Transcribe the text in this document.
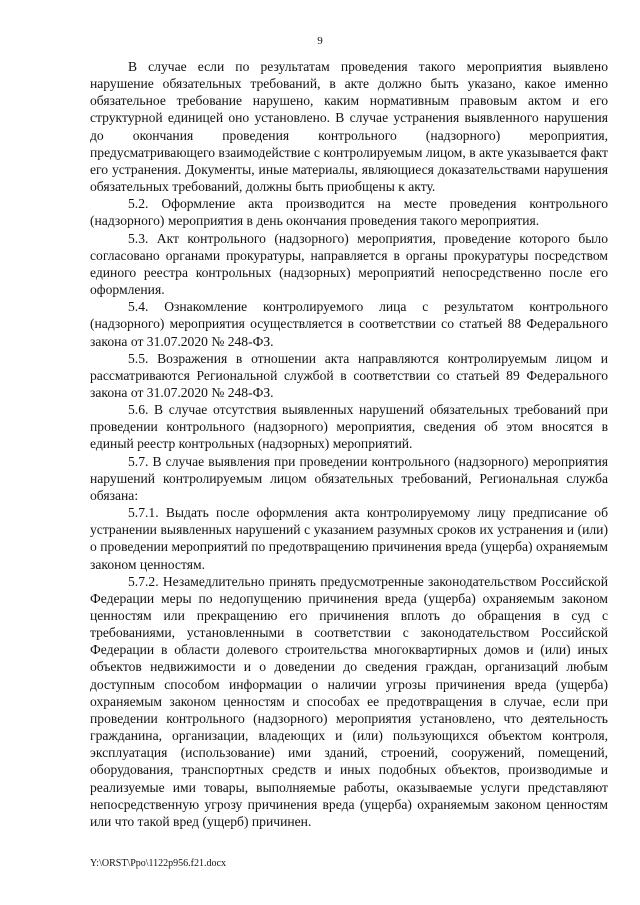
9

В случае если по результатам проведения такого мероприятия выявлено нарушение обязательных требований, в акте должно быть указано, какое именно обязательное требование нарушено, каким нормативным правовым актом и его структурной единицей оно установлено. В случае устранения выявленного нарушения до окончания проведения контрольного (надзорного) мероприятия, предусматривающего взаимодействие с контролируемым лицом, в акте указывается факт его устранения. Документы, иные материалы, являющиеся доказательствами нарушения обязательных требований, должны быть приобщены к акту.

5.2. Оформление акта производится на месте проведения контрольного (надзорного) мероприятия в день окончания проведения такого мероприятия.

5.3. Акт контрольного (надзорного) мероприятия, проведение которого было согласовано органами прокуратуры, направляется в органы прокуратуры посредством единого реестра контрольных (надзорных) мероприятий непосредственно после его оформления.

5.4. Ознакомление контролируемого лица с результатом контрольного (надзорного) мероприятия осуществляется в соответствии со статьей 88 Федерального закона от 31.07.2020 № 248-ФЗ.

5.5. Возражения в отношении акта направляются контролируемым лицом и рассматриваются Региональной службой в соответствии со статьей 89 Федерального закона от 31.07.2020 № 248-ФЗ.

5.6. В случае отсутствия выявленных нарушений обязательных требований при проведении контрольного (надзорного) мероприятия, сведения об этом вносятся в единый реестр контрольных (надзорных) мероприятий.

5.7. В случае выявления при проведении контрольного (надзорного) мероприятия нарушений контролируемым лицом обязательных требований, Региональная служба обязана:

5.7.1. Выдать после оформления акта контролируемому лицу предписание об устранении выявленных нарушений с указанием разумных сроков их устранения и (или) о проведении мероприятий по предотвращению причинения вреда (ущерба) охраняемым законом ценностям.

5.7.2. Незамедлительно принять предусмотренные законодательством Российской Федерации меры по недопущению причинения вреда (ущерба) охраняемым законом ценностям или прекращению его причинения вплоть до обращения в суд с требованиями, установленными в соответствии с законодательством Российской Федерации в области долевого строительства многоквартирных домов и (или) иных объектов недвижимости и о доведении до сведения граждан, организаций любым доступным способом информации о наличии угрозы причинения вреда (ущерба) охраняемым законом ценностям и способах ее предотвращения в случае, если при проведении контрольного (надзорного) мероприятия установлено, что деятельность гражданина, организации, владеющих и (или) пользующихся объектом контроля, эксплуатация (использование) ими зданий, строений, сооружений, помещений, оборудования, транспортных средств и иных подобных объектов, производимые и реализуемые ими товары, выполняемые работы, оказываемые услуги представляют непосредственную угрозу причинения вреда (ущерба) охраняемым законом ценностям или что такой вред (ущерб) причинен.

Y:\ORST\Ppo\1122p956.f21.docx
